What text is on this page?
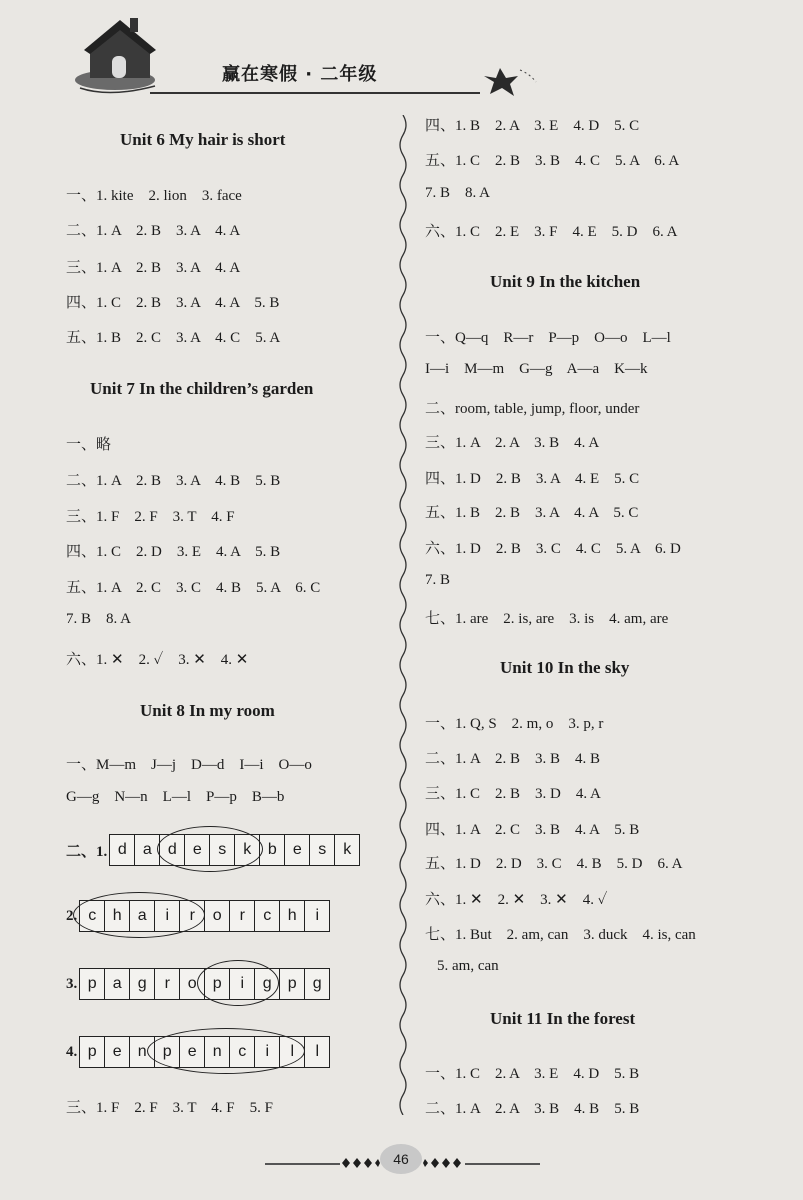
赢在寒假 · 二年级
Unit 6 My hair is short
一、1. kite    2. lion    3. face
二、1. A    2. B    3. A    4. A
三、1. A    2. B    3. A    4. A
四、1. C    2. B    3. A    4. A    5. B
五、1. B    2. C    3. A    4. C    5. A
Unit 7 In the children’s garden
一、略
二、1. A    2. B    3. A    4. B    5. B
三、1. F    2. F    3. T    4. F
四、1. C    2. D    3. E    4. A    5. B
五、1. A    2. C    3. C    4. B    5. A    6. C
7. B    8. A
六、1. ✕    2. ✓    3. ✕    4. ✕
Unit 8 In my room
一、M—m    J—j    D—d    I—i    O—o
G—g    N—n    L—l    P—p    B—b
二、1. d	a	d	e	s	k	b	e	s	k
2. c	h	a	i	r	o	r	c	h	i
3. p	a	g	r	o	p	i	g	p	g
4. p	e	n	p	e	n	c	i	l	l
三、1. F    2. F    3. T    4. F    5. F
四、1. B    2. A    3. E    4. D    5. C
五、1. C    2. B    3. B    4. C    5. A    6. A
7. B    8. A
六、1. C    2. E    3. F    4. E    5. D    6. A
Unit 9 In the kitchen
一、Q—q    R—r    P—p    O—o    L—l
I—i    M—m    G—g    A—a    K—k
二、room, table, jump, floor, under
三、1. A    2. A    3. B    4. A
四、1. D    2. B    3. A    4. E    5. C
五、1. B    2. B    3. A    4. A    5. C
六、1. D    2. B    3. C    4. C    5. A    6. D
7. B
七、1. are    2. is, are    3. is    4. am, are
Unit 10 In the sky
一、1. Q, S    2. m, o    3. p, r
二、1. A    2. B    3. B    4. B
三、1. C    2. B    3. D    4. A
四、1. A    2. C    3. B    4. A    5. B
五、1. D    2. D    3. C    4. B    5. D    6. A
六、1. ✕    2. ✕    3. ✕    4. ✓
七、1. But    2. am, can    3. duck    4. is, can
5. am, can
Unit 11 In the forest
一、1. C    2. A    3. E    4. D    5. B
二、1. A    2. A    3. B    4. B    5. B
46
